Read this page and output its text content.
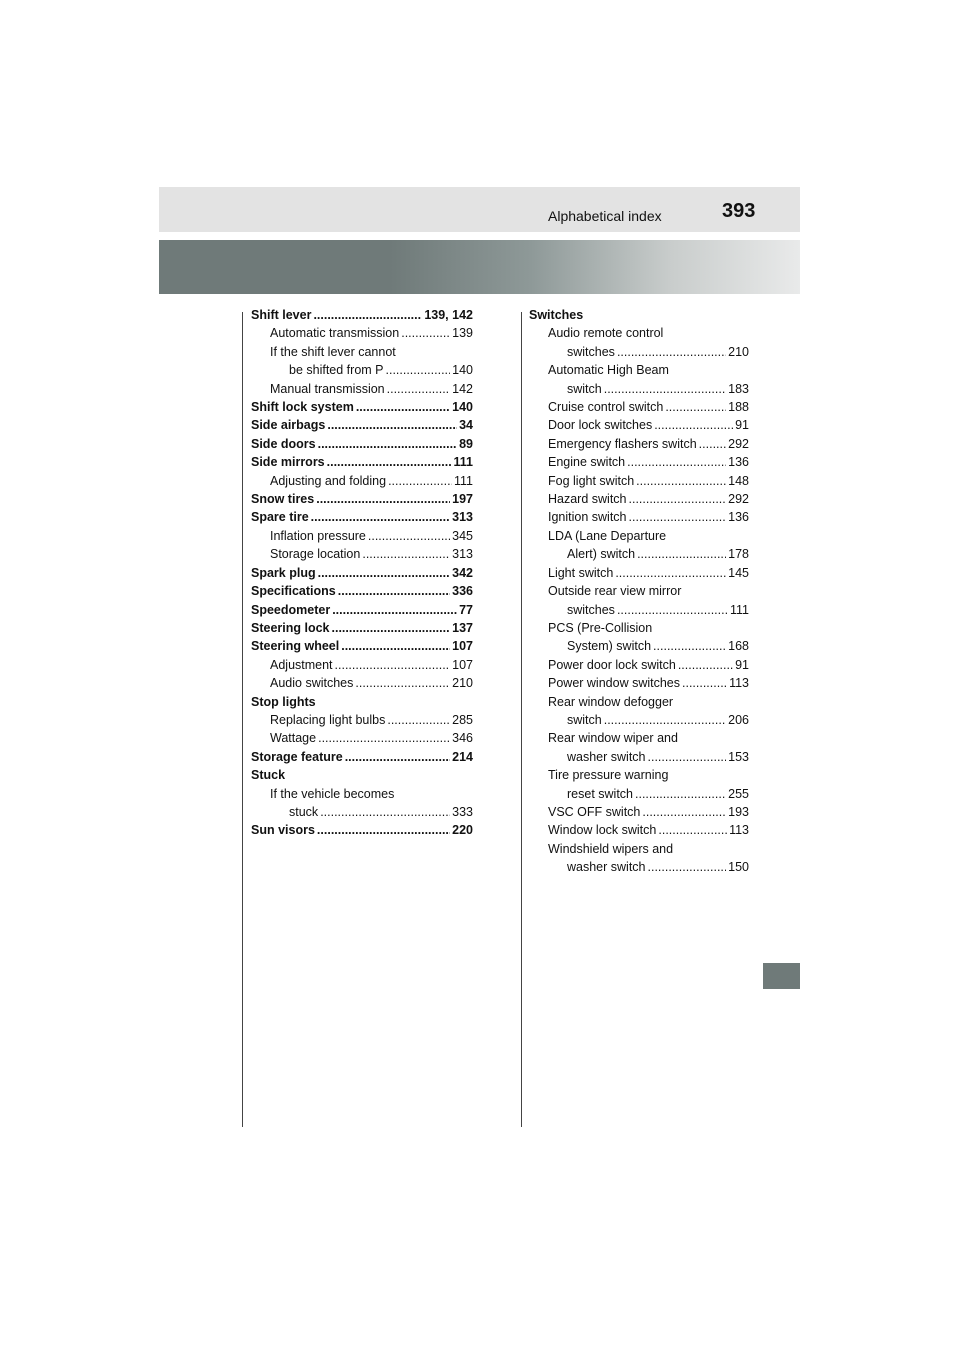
Alphabetical index	393
Shift lever .....	139, 142
Automatic transmission .....	139
If the shift lever cannot
be shifted from P .....	140
Manual transmission .....	142
Shift lock system .....	140
Side airbags .....	34
Side doors .....	89
Side mirrors .....	111
Adjusting and folding .....	111
Snow tires .....	197
Spare tire .....	313
Inflation pressure .....	345
Storage location .....	313
Spark plug .....	342
Specifications .....	336
Speedometer .....	77
Steering lock .....	137
Steering wheel .....	107
Adjustment .....	107
Audio switches .....	210
Stop lights
Replacing light bulbs .....	285
Wattage .....	346
Storage feature .....	214
Stuck
If the vehicle becomes
stuck .....	333
Sun visors .....	220
Switches
Audio remote control
switches .....	210
Automatic High Beam
switch .....	183
Cruise control switch .....	188
Door lock switches .....	91
Emergency flashers switch .....	292
Engine switch .....	136
Fog light switch .....	148
Hazard switch .....	292
Ignition switch .....	136
LDA (Lane Departure
Alert) switch .....	178
Light switch .....	145
Outside rear view mirror
switches .....	111
PCS (Pre-Collision
System) switch .....	168
Power door lock switch .....	91
Power window switches .....	113
Rear window defogger
switch .....	206
Rear window wiper and
washer switch .....	153
Tire pressure warning
reset switch .....	255
VSC OFF switch .....	193
Window lock switch .....	113
Windshield wipers and
washer switch .....	150
